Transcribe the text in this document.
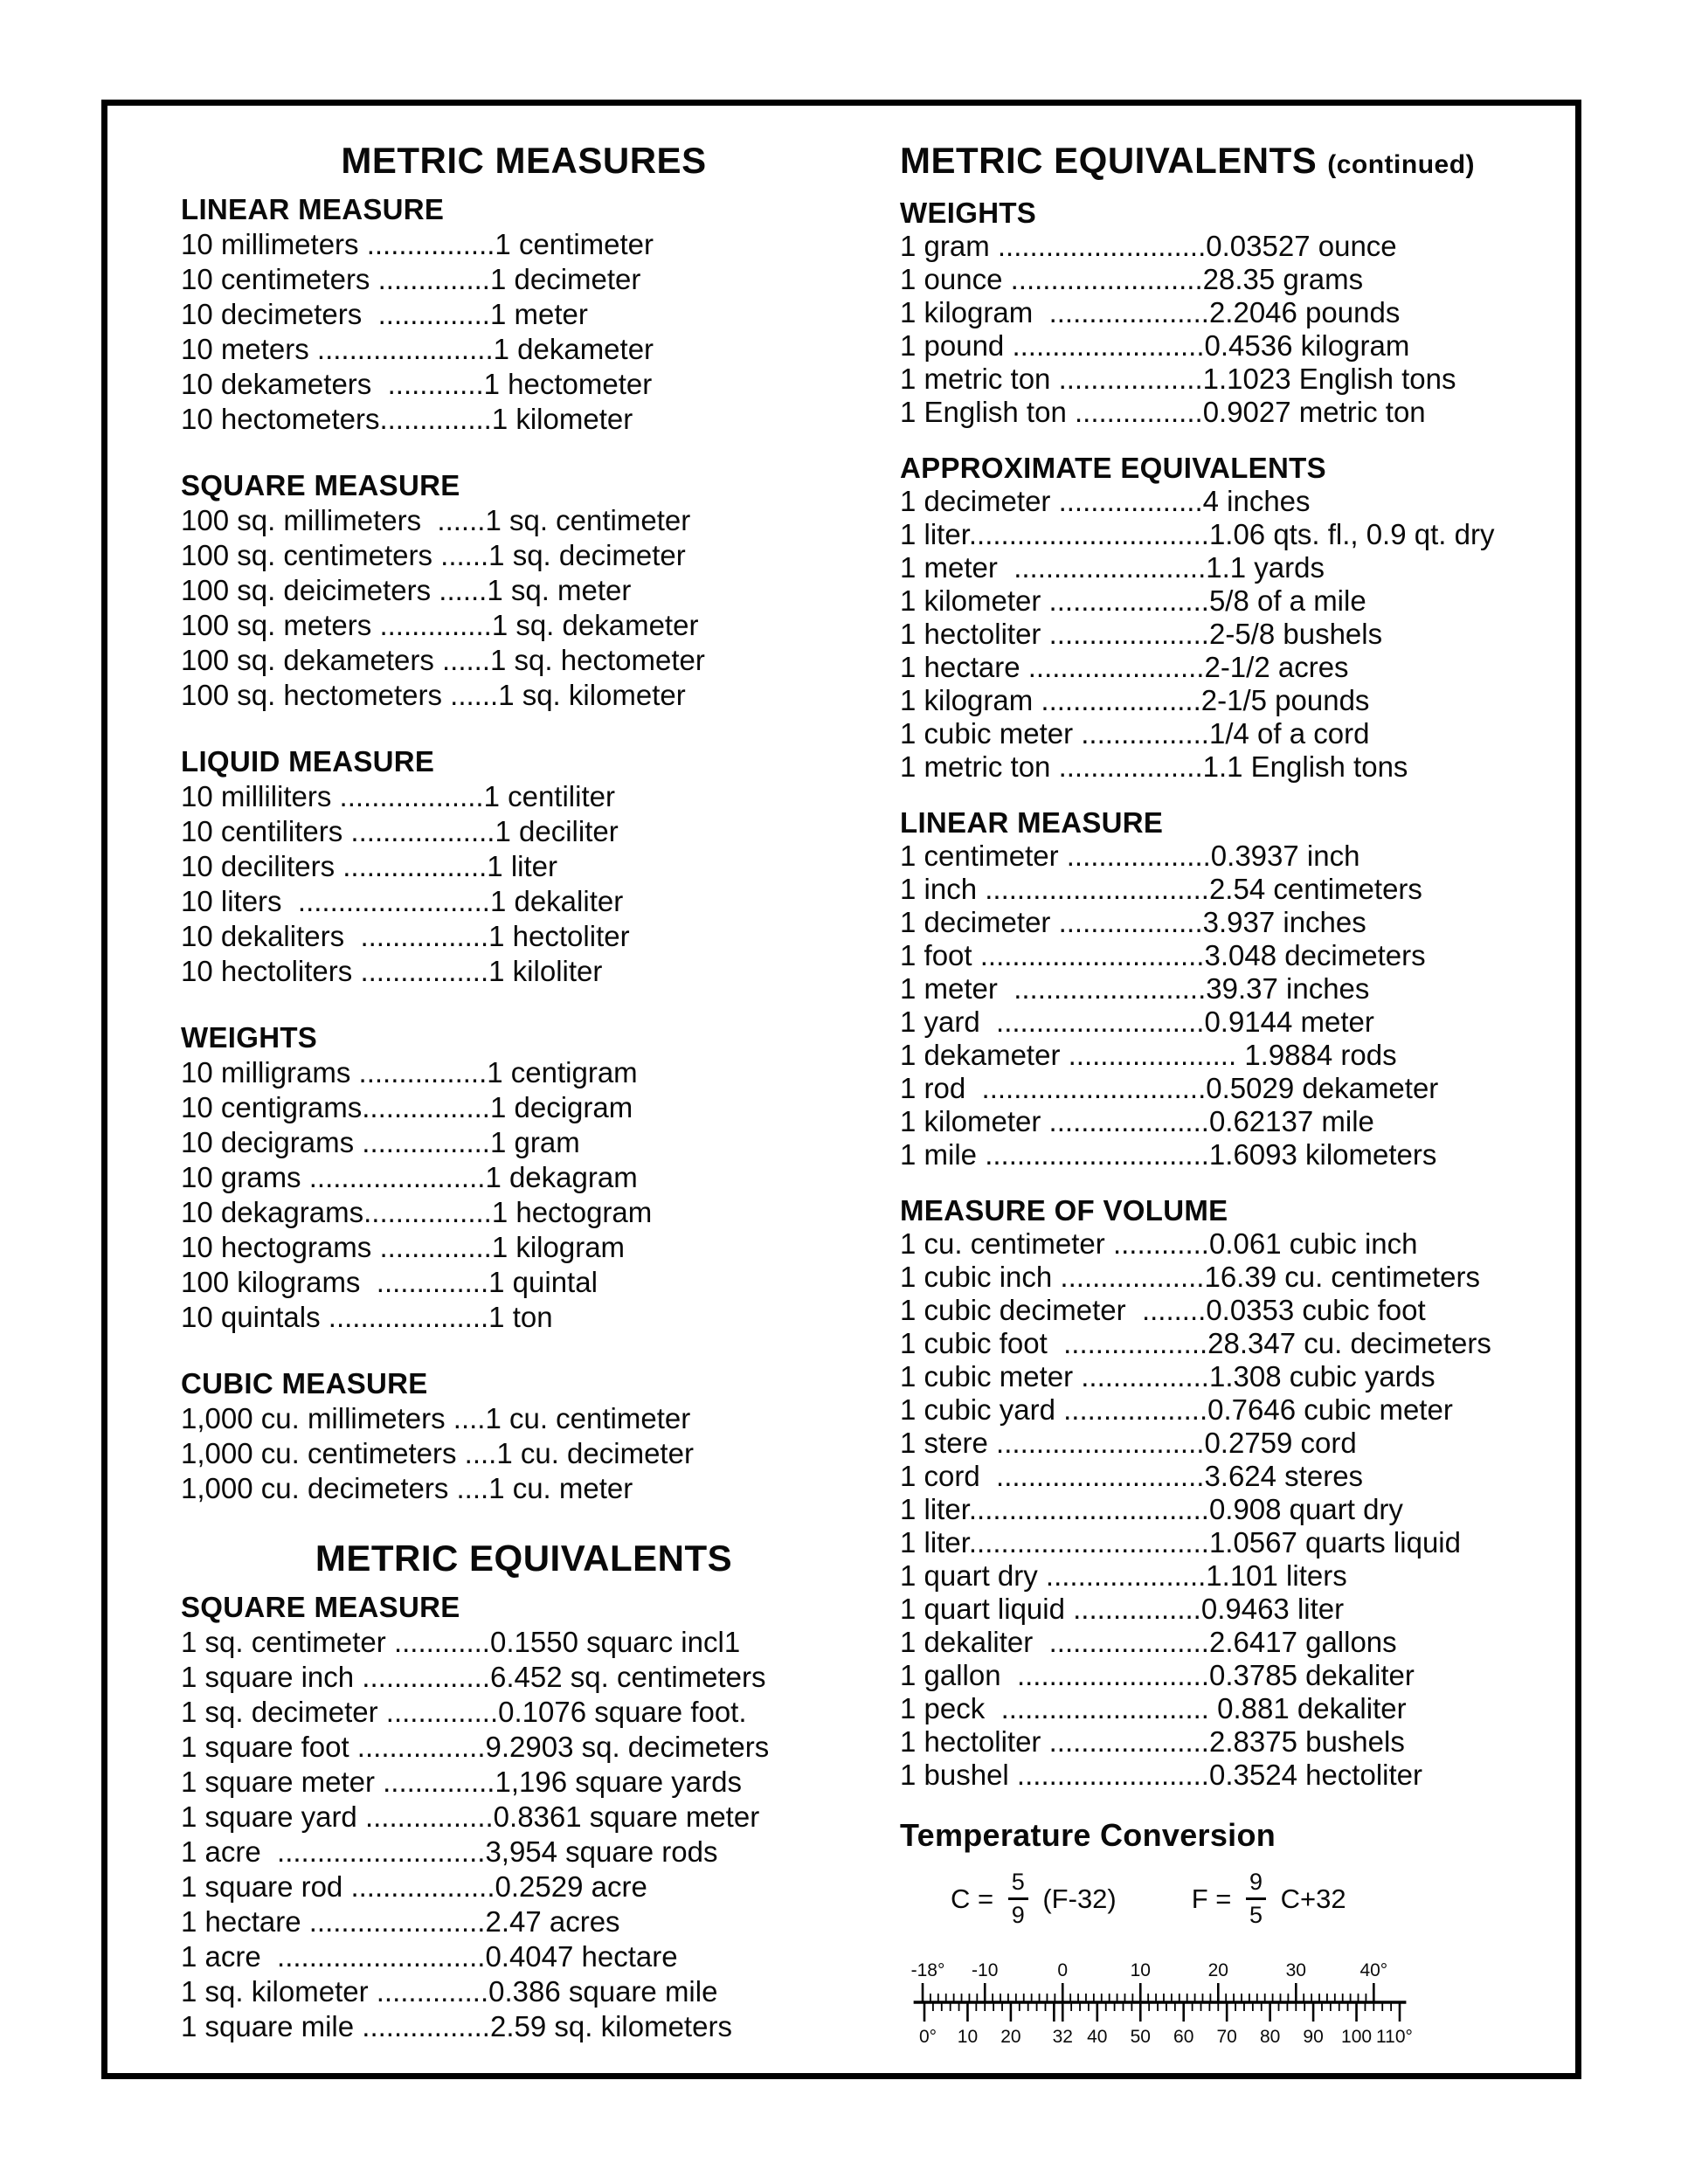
METRIC MEASURES
LINEAR MEASURE
10 millimeters ................1 centimeter
10 centimeters ..............1 decimeter
10 decimeters  ..............1 meter
10 meters ......................1 dekameter
10 dekameters  ............1 hectometer
10 hectometers..............1 kilometer
SQUARE MEASURE
100 sq. millimeters  ......1 sq. centimeter
100 sq. centimeters ......1 sq. decimeter
100 sq. deicimeters ......1 sq. meter
100 sq. meters ..............1 sq. dekameter
100 sq. dekameters ......1 sq. hectometer
100 sq. hectometers ......1 sq. kilometer
LIQUID MEASURE
10 milliliters ..................1 centiliter
10 centiliters ..................1 deciliter
10 deciliters ..................1 liter
10 liters  ........................1 dekaliter
10 dekaliters  ................1 hectoliter
10 hectoliters ................1 kiloliter
WEIGHTS
10 milligrams ................1 centigram
10 centigrams................1 decigram
10 decigrams ................1 gram
10 grams ......................1 dekagram
10 dekagrams................1 hectogram
10 hectograms ..............1 kilogram
100 kilograms  ..............1 quintal
10 quintals ....................1 ton
CUBIC MEASURE
1,000 cu. millimeters ....1 cu. centimeter
1,000 cu. centimeters ....1 cu. decimeter
1,000 cu. decimeters ....1 cu. meter
METRIC EQUIVALENTS
SQUARE MEASURE
1 sq. centimeter ............0.1550 squarc incl1
1 square inch ................6.452 sq. centimeters
1 sq. decimeter ..............0.1076 square foot.
1 square foot ................9.2903 sq. decimeters
1 square meter ..............1,196 square yards
1 square yard ................0.8361 square meter
1 acre  ..........................3,954 square rods
1 square rod ..................0.2529 acre
1 hectare ......................2.47 acres
1 acre  ..........................0.4047 hectare
1 sq. kilometer ..............0.386 square mile
1 square mile ................2.59 sq. kilometers
METRIC EQUIVALENTS (continued)
WEIGHTS
1 gram ..........................0.03527 ounce
1 ounce ........................28.35 grams
1 kilogram  ....................2.2046 pounds
1 pound ........................0.4536 kilogram
1 metric ton ..................1.1023 English tons
1 English ton ................0.9027 metric ton
APPROXIMATE EQUIVALENTS
1 decimeter ..................4 inches
1 liter..............................1.06 qts. fl., 0.9 qt. dry
1 meter  ........................1.1 yards
1 kilometer ....................5/8 of a mile
1 hectoliter ....................2-5/8 bushels
1 hectare ......................2-1/2 acres
1 kilogram ....................2-1/5 pounds
1 cubic meter ................1/4 of a cord
1 metric ton ..................1.1 English tons
LINEAR MEASURE
1 centimeter ..................0.3937 inch
1 inch ............................2.54 centimeters
1 decimeter ..................3.937 inches
1 foot ............................3.048 decimeters
1 meter  ........................39.37 inches
1 yard  ..........................0.9144 meter
1 dekameter ..................... 1.9884 rods
1 rod  ............................0.5029 dekameter
1 kilometer ....................0.62137 mile
1 mile ............................1.6093 kilometers
MEASURE OF VOLUME
1 cu. centimeter ............0.061 cubic inch
1 cubic inch ..................16.39 cu. centimeters
1 cubic decimeter  ........0.0353 cubic foot
1 cubic foot  ..................28.347 cu. decimeters
1 cubic meter ................1.308 cubic yards
1 cubic yard ..................0.7646 cubic meter
1 stere ..........................0.2759 cord
1 cord  ..........................3.624 steres
1 liter..............................0.908 quart dry
1 liter..............................1.0567 quarts liquid
1 quart dry ....................1.101 liters
1 quart liquid ................0.9463 liter
1 dekaliter  ....................2.6417 gallons
1 gallon  ........................0.3785 dekaliter
1 peck  .......................... 0.881 dekaliter
1 hectoliter ....................2.8375 bushels
1 bushel ........................0.3524 hectoliter
Temperature Conversion
$C = \frac{5}{9} (F-32)$	$F = \frac{9}{5} C+32$
-18° -10	0	10	20	30	40°
0° 10 20 32 40 50 60 70 80 90 100 110°
